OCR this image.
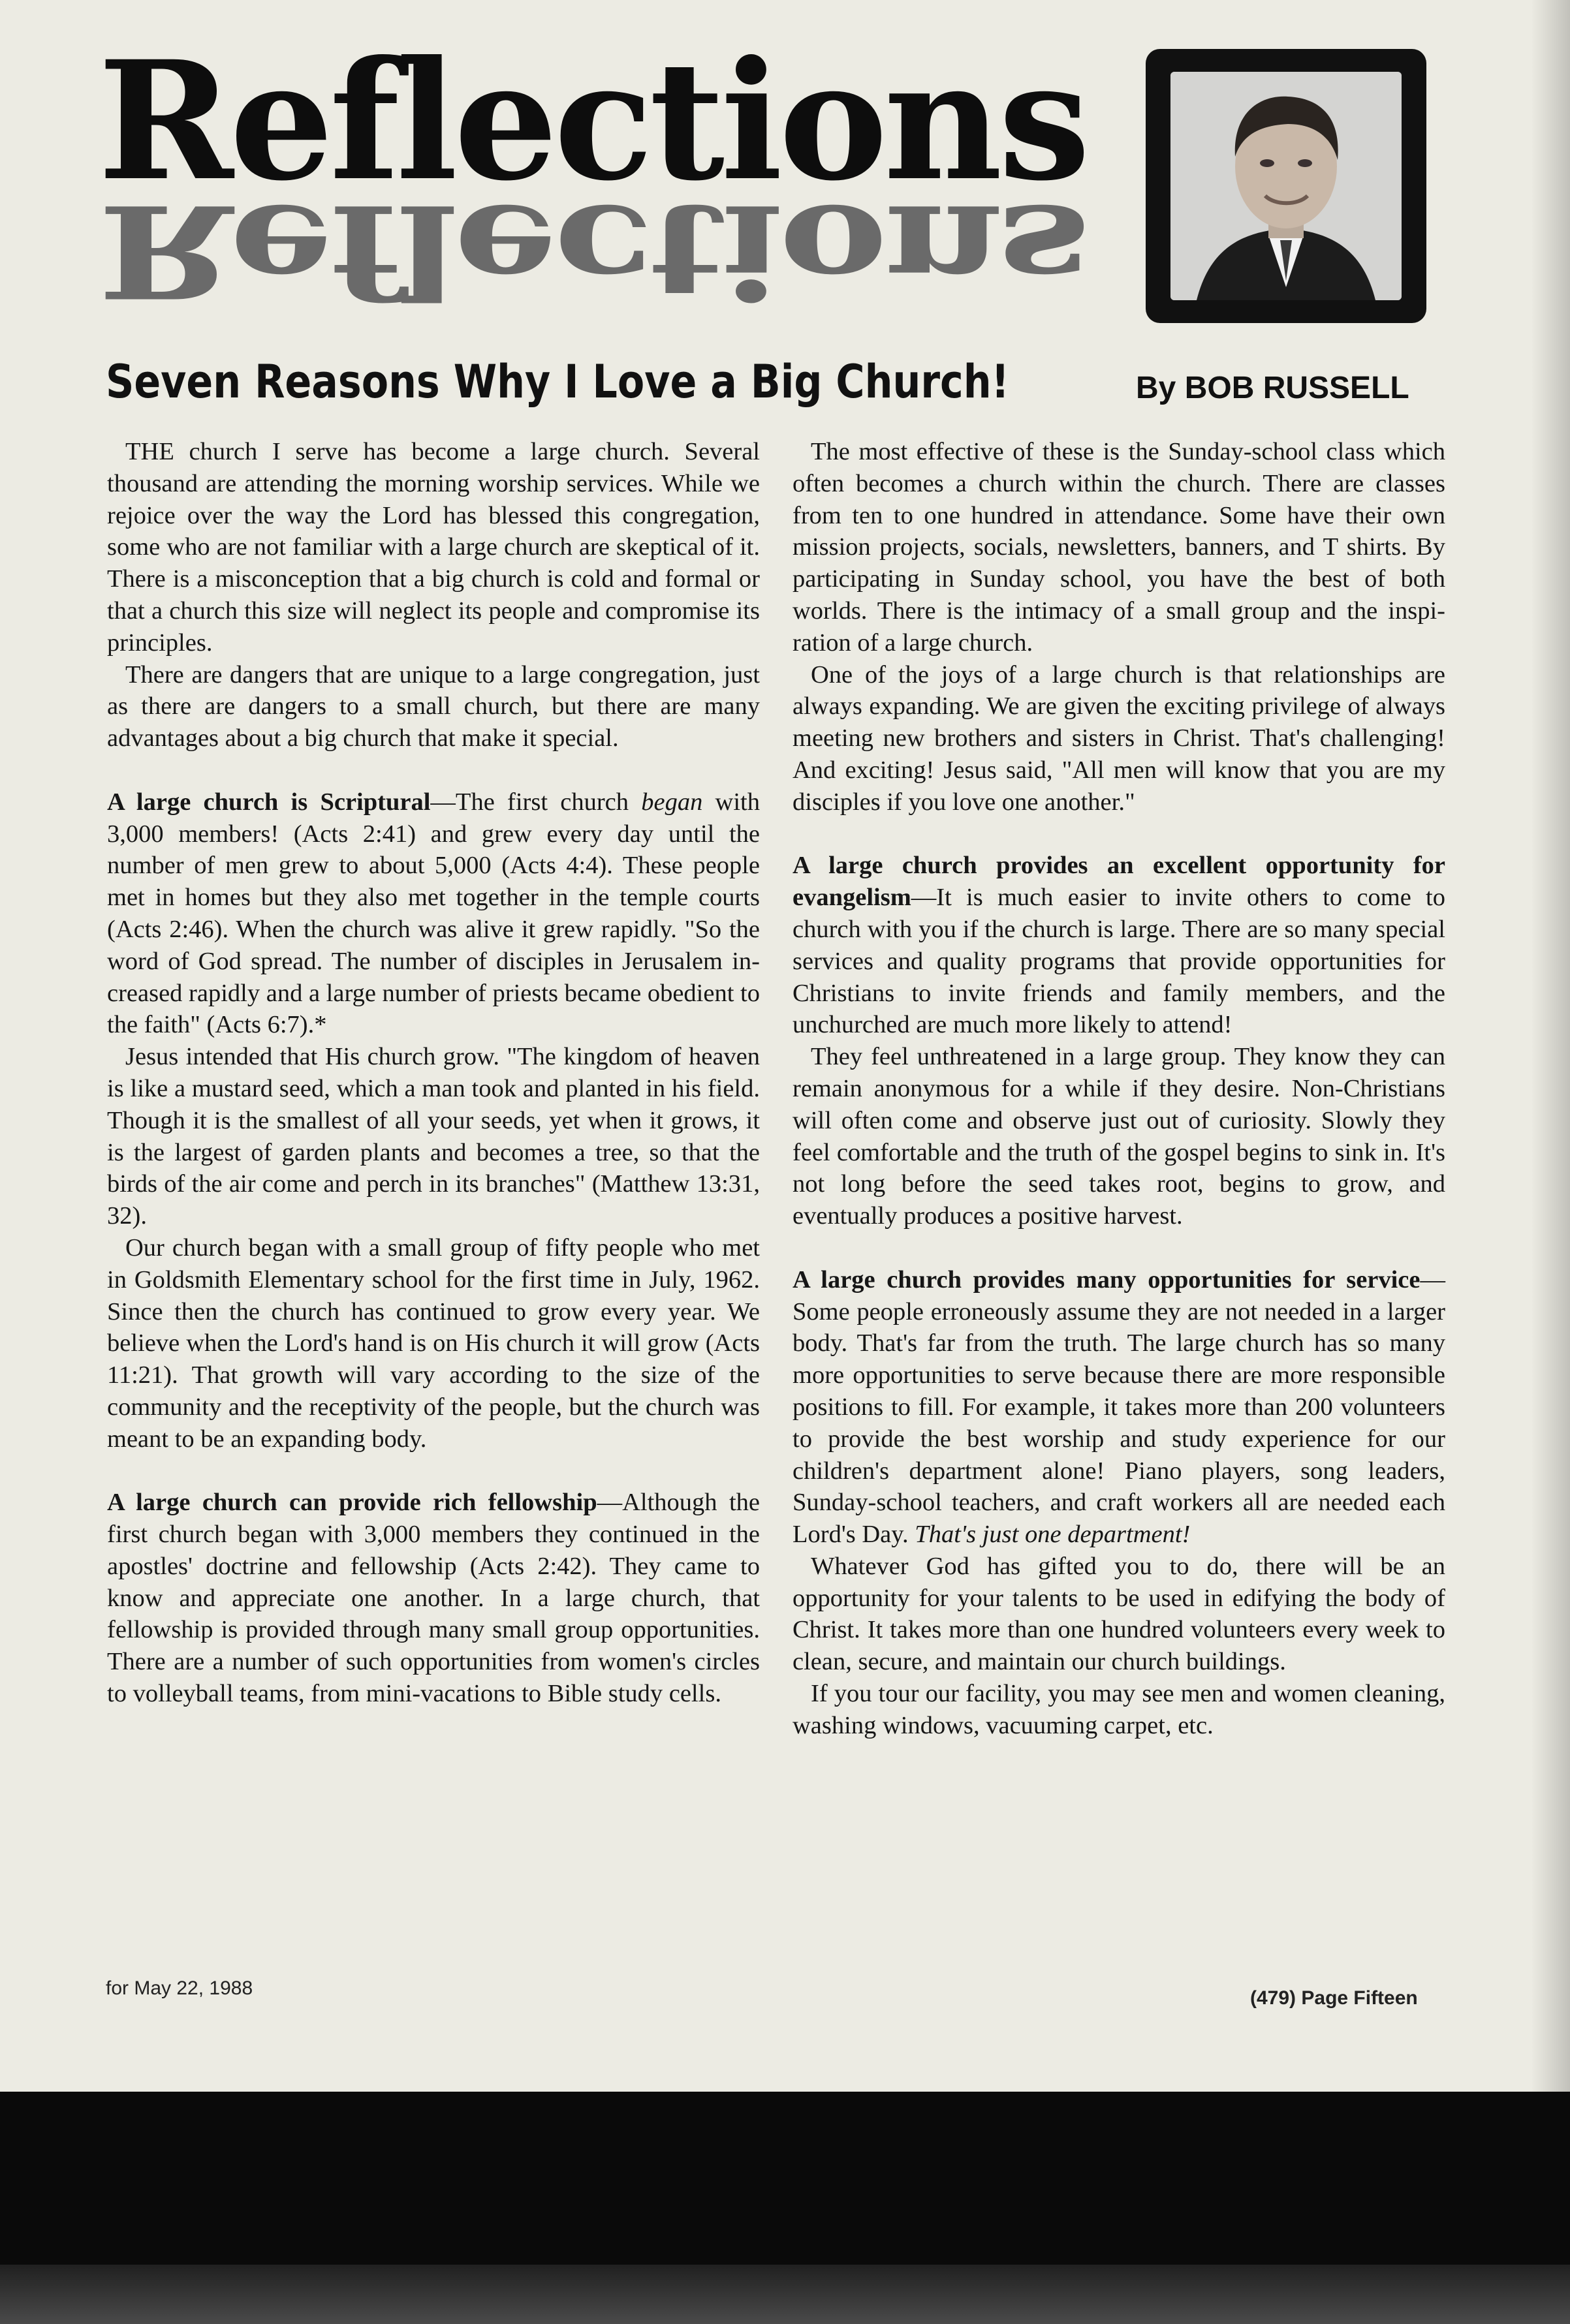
Reflections
Reflections
Seven Reasons Why I Love a Big Church!	By BOB RUSSELL

THE church I serve has become a large church. Several thousand are attending the morning worship services. While we rejoice over the way the Lord has blessed this congregation, some who are not familiar with a large church are skeptical of it. There is a misconception that a big church is cold and formal or that a church this size will neglect its people and compromise its principles.

There are dangers that are unique to a large congregation, just as there are dangers to a small church, but there are many advantages about a big church that make it special.

A large church is Scriptural—The first church began with 3,000 members! (Acts 2:41) and grew every day until the number of men grew to about 5,000 (Acts 4:4). These people met in homes but they also met together in the temple courts (Acts 2:46). When the church was alive it grew rapidly. "So the word of God spread. The number of disciples in Jerusalem increased rapidly and a large number of priests became obedient to the faith" (Acts 6:7).*

Jesus intended that His church grow. "The kingdom of heaven is like a mustard seed, which a man took and planted in his field. Though it is the smallest of all your seeds, yet when it grows, it is the largest of garden plants and becomes a tree, so that the birds of the air come and perch in its branches" (Matthew 13:31, 32).

Our church began with a small group of fifty people who met in Goldsmith Elementary school for the first time in July, 1962. Since then the church has continued to grow every year. We believe when the Lord's hand is on His church it will grow (Acts 11:21). That growth will vary according to the size of the community and the receptivity of the people, but the church was meant to be an expanding body.

A large church can provide rich fellowship—Although the first church began with 3,000 members they continued in the apostles' doctrine and fellowship (Acts 2:42). They came to know and appreciate one another. In a large church, that fellowship is provided through many small group opportunities. There are a number of such opportunities from women's circles to volleyball teams, from mini-vacations to Bible study cells.

The most effective of these is the Sunday-school class which often becomes a church within the church. There are classes from ten to one hundred in attendance. Some have their own mission projects, socials, newsletters, banners, and T shirts. By participating in Sunday school, you have the best of both worlds. There is the intimacy of a small group and the inspiration of a large church.

One of the joys of a large church is that relationships are always expanding. We are given the exciting privilege of always meeting new brothers and sisters in Christ. That's challenging! And exciting! Jesus said, "All men will know that you are my disciples if you love one another."

A large church provides an excellent opportunity for evangelism—It is much easier to invite others to come to church with you if the church is large. There are so many special services and quality programs that provide opportunities for Christians to invite friends and family members, and the unchurched are much more likely to attend!

They feel unthreatened in a large group. They know they can remain anonymous for a while if they desire. Non-Christians will often come and observe just out of curiosity. Slowly they feel comfortable and the truth of the gospel begins to sink in. It's not long before the seed takes root, begins to grow, and eventually produces a positive harvest.

A large church provides many opportunities for service—Some people erroneously assume they are not needed in a larger body. That's far from the truth. The large church has so many more opportunities to serve because there are more responsible positions to fill. For example, it takes more than 200 volunteers to provide the best worship and study experience for our children's department alone! Piano players, song leaders, Sunday-school teachers, and craft workers all are needed each Lord's Day. That's just one department!

Whatever God has gifted you to do, there will be an opportunity for your talents to be used in edifying the body of Christ. It takes more than one hundred volunteers every week to clean, secure, and maintain our church buildings.

If you tour our facility, you may see men and women cleaning, washing windows, vacuuming carpet, etc.

for May 22, 1988	(479) Page Fifteen
